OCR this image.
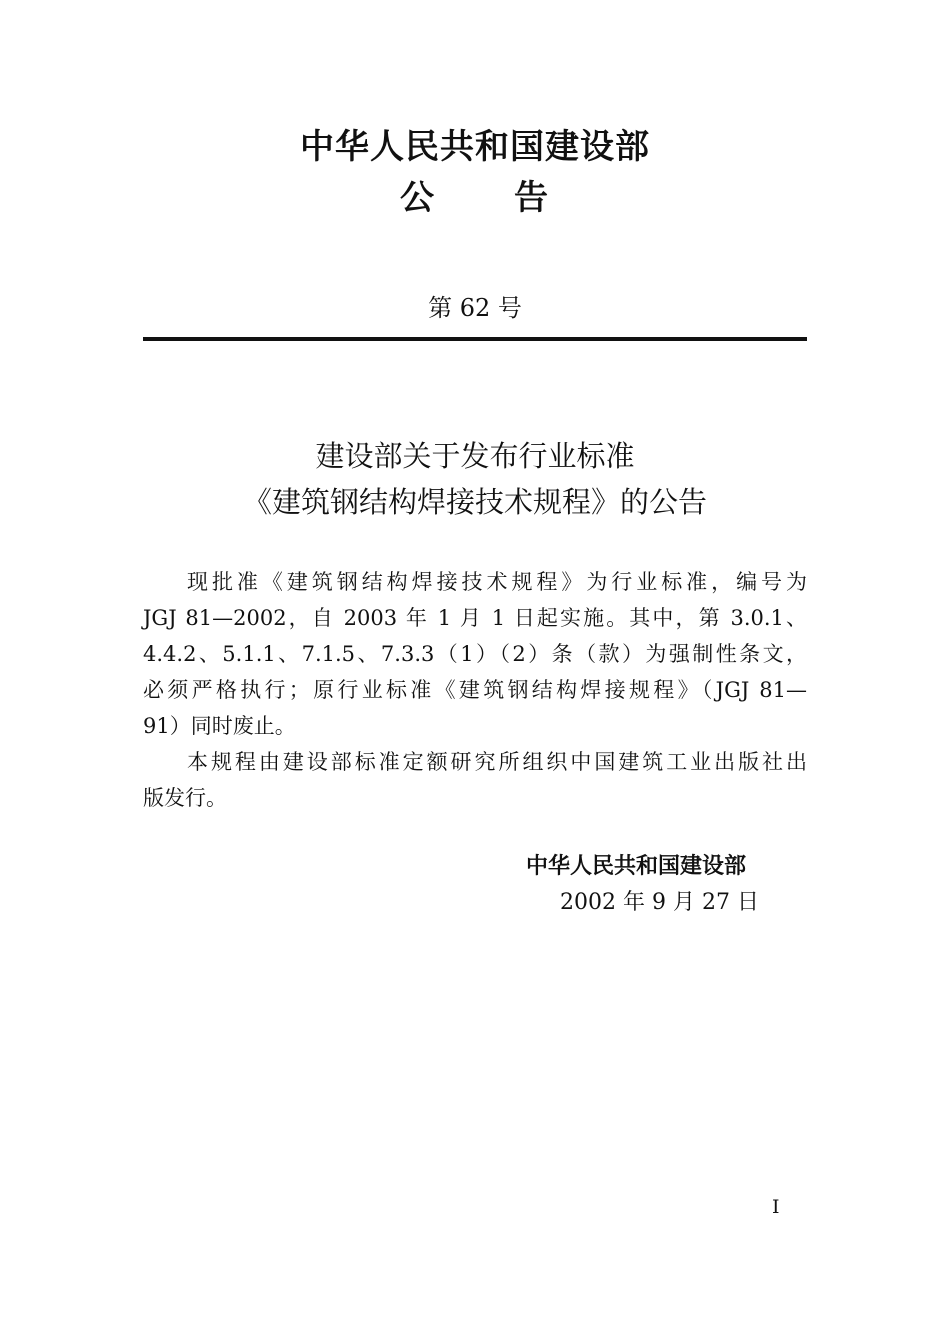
中华人民共和国建设部
公 告
第 62 号
建设部关于发布行业标准
《建筑钢结构焊接技术规程》的公告
现批准《建筑钢结构焊接技术规程》为行业标准，编号为
JGJ 81—2002，自 2003 年 1 月 1 日起实施。其中，第 3.0.1、
4.4.2、5.1.1、7.1.5、7.3.3（1）（2）条（款）为强制性条文，
必须严格执行；原行业标准《建筑钢结构焊接规程》（JGJ 81—
91）同时废止。
本规程由建设部标准定额研究所组织中国建筑工业出版社出
版发行。
中华人民共和国建设部
2002 年 9 月 27 日
I
